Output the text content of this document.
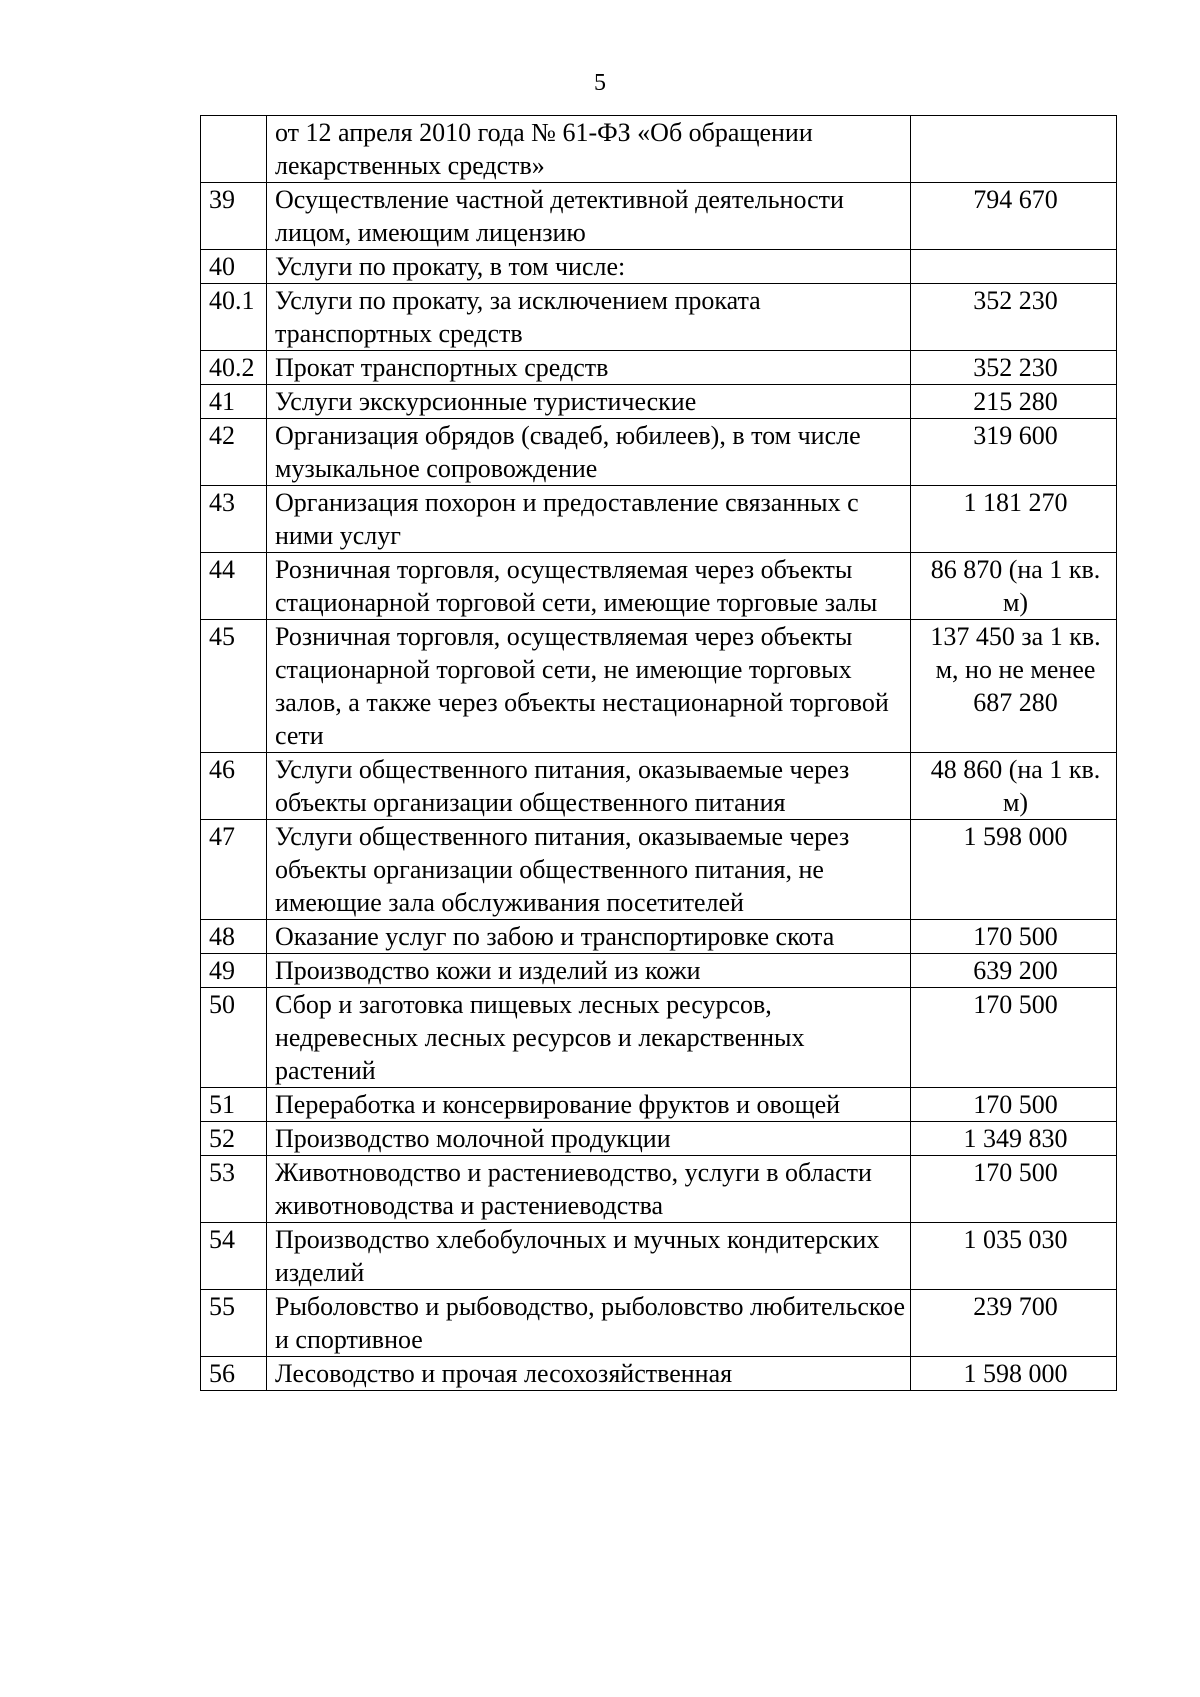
5
	от 12 апреля 2010 года № 61-ФЗ «Об обращении лекарственных средств»	
39	Осуществление частной детективной деятельности лицом, имеющим лицензию	794 670
40	Услуги по прокату, в том числе:	
40.1	Услуги по прокату, за исключением проката транспортных средств	352 230
40.2	Прокат транспортных средств	352 230
41	Услуги экскурсионные туристические	215 280
42	Организация обрядов (свадеб, юбилеев), в том числе музыкальное сопровождение	319 600
43	Организация похорон и предоставление связанных с ними услуг	1 181 270
44	Розничная торговля, осуществляемая через объекты стационарной торговой сети, имеющие торговые залы	86 870 (на 1 кв. м)
45	Розничная торговля, осуществляемая через объекты стационарной торговой сети, не имеющие торговых залов, а также через объекты нестационарной торговой сети	137 450 за 1 кв. м, но не менее 687 280
46	Услуги общественного питания, оказываемые через объекты организации общественного питания	48 860 (на 1 кв. м)
47	Услуги общественного питания, оказываемые через объекты организации общественного питания, не имеющие зала обслуживания посетителей	1 598 000
48	Оказание услуг по забою и транспортировке скота	170 500
49	Производство кожи и изделий из кожи	639 200
50	Сбор и заготовка пищевых лесных ресурсов, недревесных лесных ресурсов и лекарственных растений	170 500
51	Переработка и консервирование фруктов и овощей	170 500
52	Производство молочной продукции	1 349 830
53	Животноводство и растениеводство, услуги в области животноводства и растениеводства	170 500
54	Производство хлебобулочных и мучных кондитерских изделий	1 035 030
55	Рыболовство и рыбоводство, рыболовство любительское и спортивное	239 700
56	Лесоводство и прочая лесохозяйственная	1 598 000
